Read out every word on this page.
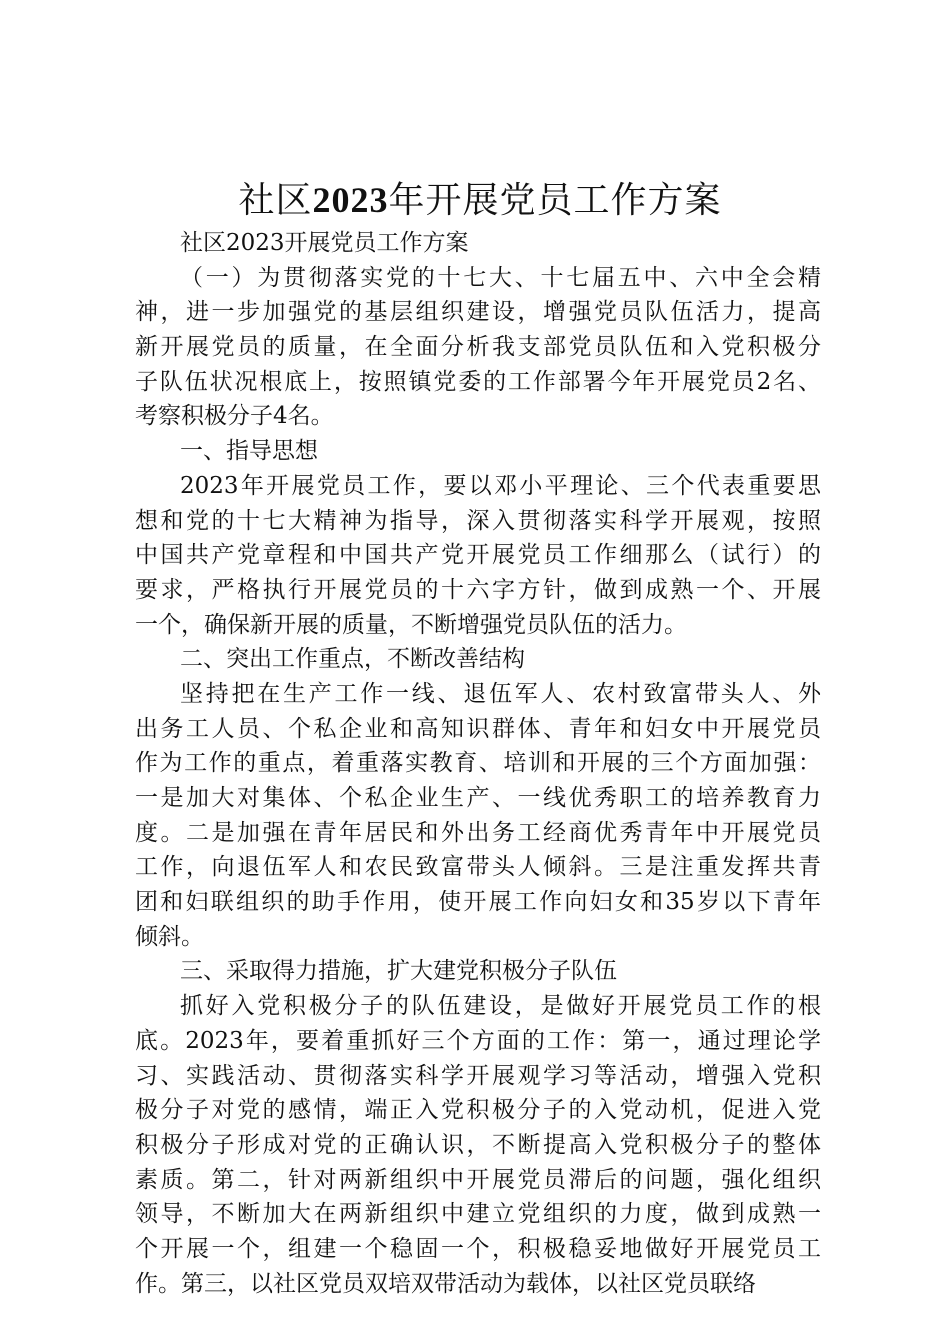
社区2023年开展党员工作方案
社区2023开展党员工作方案
（一）为贯彻落实党的十七大、十七届五中、六中全会精
神，进一步加强党的基层组织建设，增强党员队伍活力，提高
新开展党员的质量，在全面分析我支部党员队伍和入党积极分
子队伍状况根底上，按照镇党委的工作部署今年开展党员2名、
考察积极分子4名。
一、指导思想
2023年开展党员工作，要以邓小平理论、三个代表重要思
想和党的十七大精神为指导，深入贯彻落实科学开展观，按照
中国共产党章程和中国共产党开展党员工作细那么（试行）的
要求，严格执行开展党员的十六字方针，做到成熟一个、开展
一个，确保新开展的质量，不断增强党员队伍的活力。
二、突出工作重点，不断改善结构
坚持把在生产工作一线、退伍军人、农村致富带头人、外
出务工人员、个私企业和高知识群体、青年和妇女中开展党员
作为工作的重点，着重落实教育、培训和开展的三个方面加强：
一是加大对集体、个私企业生产、一线优秀职工的培养教育力
度。二是加强在青年居民和外出务工经商优秀青年中开展党员
工作，向退伍军人和农民致富带头人倾斜。三是注重发挥共青
团和妇联组织的助手作用，使开展工作向妇女和35岁以下青年
倾斜。
三、采取得力措施，扩大建党积极分子队伍
抓好入党积极分子的队伍建设，是做好开展党员工作的根
底。2023年，要着重抓好三个方面的工作：第一，通过理论学
习、实践活动、贯彻落实科学开展观学习等活动，增强入党积
极分子对党的感情，端正入党积极分子的入党动机，促进入党
积极分子形成对党的正确认识，不断提高入党积极分子的整体
素质。第二，针对两新组织中开展党员滞后的问题，强化组织
领导，不断加大在两新组织中建立党组织的力度，做到成熟一
个开展一个，组建一个稳固一个，积极稳妥地做好开展党员工
作。第三，以社区党员双培双带活动为载体，以社区党员联络
